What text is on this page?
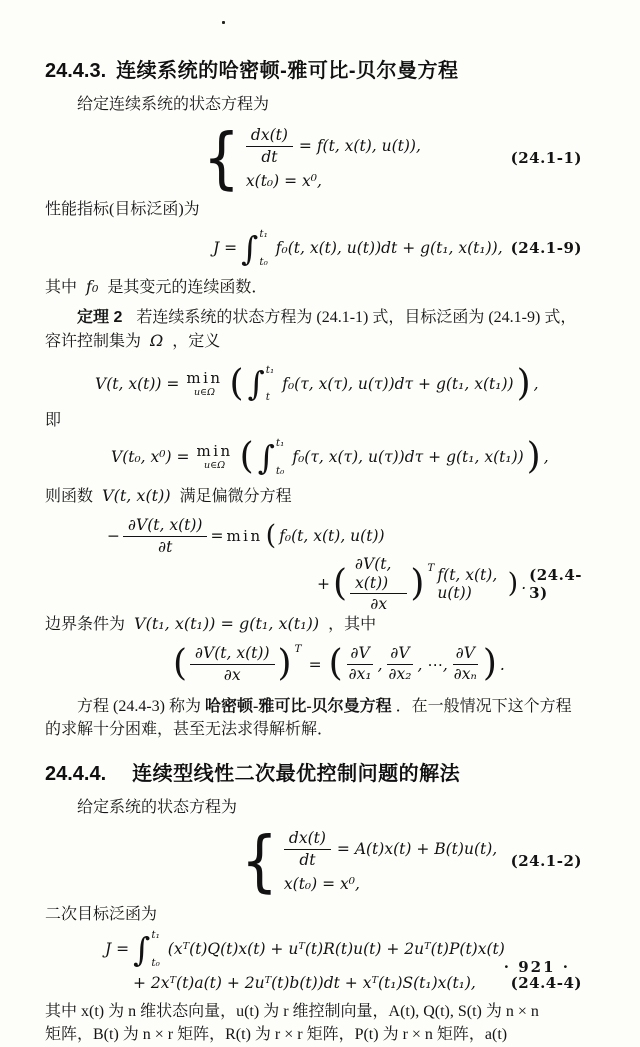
24.4.3. 连续系统的哈密顿-雅可比-贝尔曼方程
给定连续系统的状态方程为
{ $\frac{dx(t)}{dt} = f(t$, x(t), u(t)),
x(t₀) = x⁰,
(24.1-1)
性能指标(目标泛函)为
J = ∫ t₁
t₀
f₀(t, x(t), u(t))dt + g(t₁, x(t₁)), (24.1-9)
其中 f₀ 是其变元的连续函数．
定理 2 若连续系统的状态方程为 (24.1-1) 式，目标泛函为 (24.1-9) 式，
容许控制集为 Ω ，定义
V(t, x(t)) = min
u∈Ω ( ∫ t₁
t
f₀(τ, x(τ), u(τ))dτ + g(t₁, x(t₁)) ) ,
即
V(t₀, x⁰) = min
u∈Ω ( ∫ t₁
t₀
f₀(τ, x(τ), u(τ))dτ + g(t₁, x(t₁)) ) ,
则函数 V(t, x(t)) 满足偏微分方程
− $\frac{\partial V(t, x(t))}{\partial t} = \min$ ( f₀(t, x(t), u(t))
+ ( $\frac{\partial V(t, x(t))}{\partial x}$ ) T f(t, x(t), u(t))	) . (24.4-3)
边界条件为 V(t₁, x(t₁)) = g(t₁, x(t₁)) ，其中
( $\frac{\partial V(t, x(t))}{\partial x}$ ) T
= ( $\frac{\partial V}{\text{∂x₁}}$ , $\frac{\partial V}{\text{∂x₂}}$ , ⋯, $\frac{\partial V}{\text{∂xₙ}}$ ) .
方程 (24.4-3) 称为 哈密顿-雅可比-贝尔曼方程 ．在一般情况下这个方程
的求解十分困难，甚至无法求得解析解．
24.4.4. 连续型线性二次最优控制问题的解法
给定系统的状态方程为
{ $\frac{dx(t)}{dt} = A(t)x(t) + B(t)u(t)$,
x(t₀) = x⁰,
(24.1-2)
二次目标泛函为
J = ∫ t₁
t₀
(xᵀ(t)Q(t)x(t) + uᵀ(t)R(t)u(t) + 2uᵀ(t)P(t)x(t)
+ 2xᵀ(t)a(t) + 2uᵀ(t)b(t))dt + xᵀ(t₁)S(t₁)x(t₁), (24.4-4)
其中 x(t) 为 n 维状态向量，u(t) 为 r 维控制向量，A(t), Q(t), S(t) 为 n × n
矩阵，B(t) 为 n × r 矩阵，R(t) 为 r × r 矩阵，P(t) 为 r × n 矩阵，a(t)
· 921 ·
